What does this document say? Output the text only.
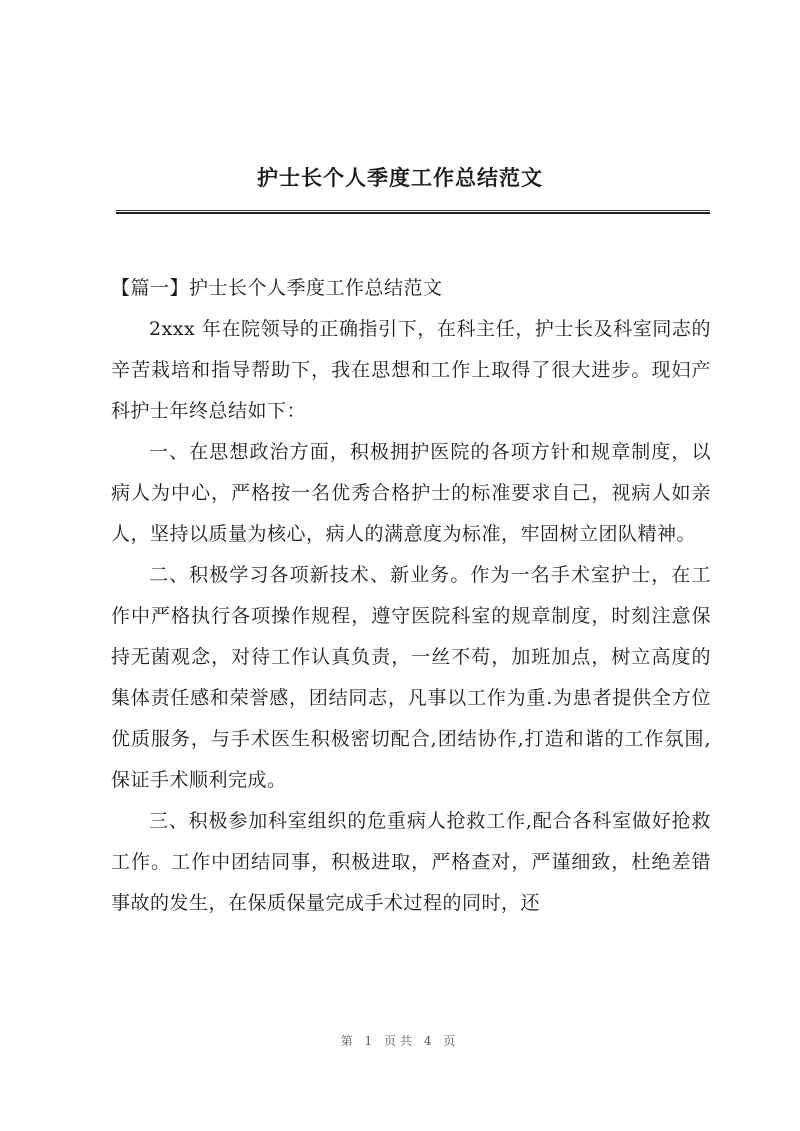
护士长个人季度工作总结范文

【篇一】护士长个人季度工作总结范文

2xxx 年在院领导的正确指引下，在科主任，护士长及科室同志的辛苦栽培和指导帮助下，我在思想和工作上取得了很大进步。现妇产科护士年终总结如下：

一、在思想政治方面，积极拥护医院的各项方针和规章制度，以病人为中心，严格按一名优秀合格护士的标准要求自己，视病人如亲人，坚持以质量为核心，病人的满意度为标准，牢固树立团队精神。

二、积极学习各项新技术、新业务。作为一名手术室护士，在工作中严格执行各项操作规程，遵守医院科室的规章制度，时刻注意保持无菌观念，对待工作认真负责，一丝不苟，加班加点，树立高度的集体责任感和荣誉感，团结同志，凡事以工作为重.为患者提供全方位优质服务，与手术医生积极密切配合,团结协作,打造和谐的工作氛围,保证手术顺利完成。

三、积极参加科室组织的危重病人抢救工作,配合各科室做好抢救工作。工作中团结同事，积极进取，严格查对，严谨细致，杜绝差错事故的发生，在保质保量完成手术过程的同时，还

第 1 页共 4 页
